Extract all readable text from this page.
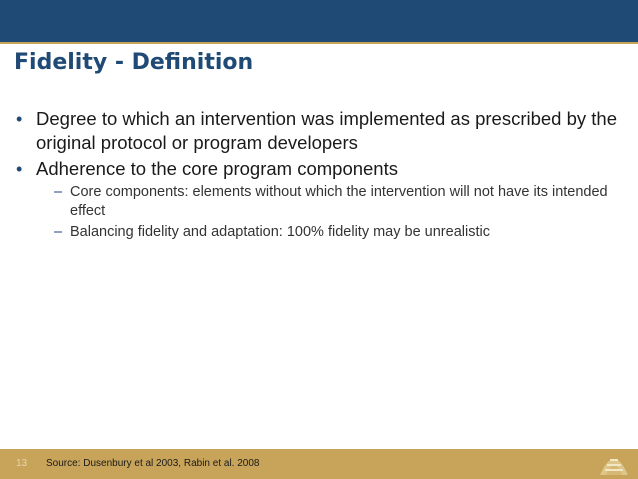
Fidelity - Definition
• Degree to which an intervention was implemented as prescribed by the original protocol or program developers
• Adherence to the core program components
– Core components: elements without which the intervention will not have its intended effect
– Balancing fidelity and adaptation: 100% fidelity may be unrealistic
13 Source: Dusenbury et al 2003, Rabin et al. 2008
